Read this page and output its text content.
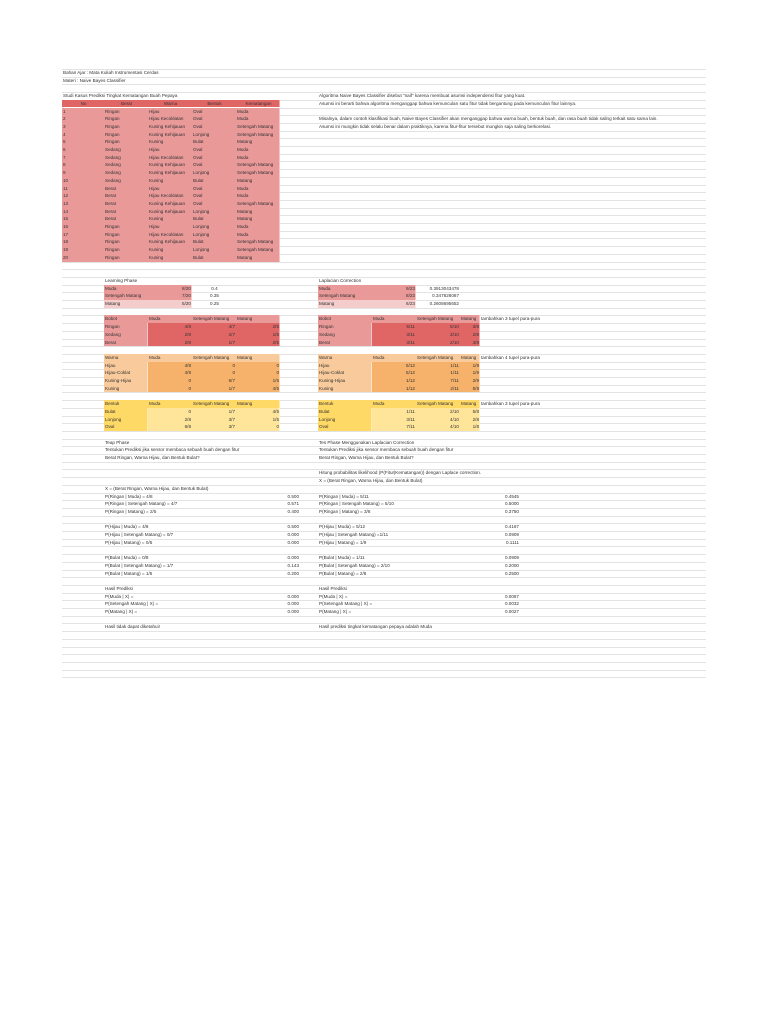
Bahan Ajar : Mata Kuliah Instrumentasi Cerdas
Materi : Naive Bayes Classifier
Studi Kasus Prediksi Tingkat Kematangan Buah Pepaya
No	Berat	Warna	Bentuk	Kematangan
1	Ringan	Hijau	Oval	Muda
2	Ringan	Hijau Kecoklatan	Oval	Muda
3	Ringan	Kuning Kehijauan	Oval	Setengah Matang
4	Ringan	Kuning Kehijauan	Lonjong	Setengah Matang
5	Ringan	Kuning	Bulat	Matang
6	Sedang	Hijau	Oval	Muda
7	Sedang	Hijau Kecoklatan	Oval	Muda
8	Sedang	Kuning Kehijauan	Oval	Setengah Matang
9	Sedang	Kuning Kehijauan	Lonjong	Setengah Matang
10	Sedang	Kuning	Bulat	Matang
11	Berat	Hijau	Oval	Muda
12	Berat	Hijau Kecoklatan	Oval	Muda
13	Berat	Kuning Kehijauan	Oval	Setengah Matang
14	Berat	Kuning Kehijauan	Lonjong	Matang
15	Berat	Kuning	Bulat	Matang
16	Ringan	Hijau	Lonjong	Muda
17	Ringan	Hijau Kecoklatan	Lonjong	Muda
18	Ringan	Kuning Kehijauan	Bulat	Setengah Matang
19	Ringan	Kuning	Lonjong	Setengah Matang
20	Ringan	Kuning	Bulat	Matang
Algoritma Naive Bayes Classifier disebut "naif" karena membuat asumsi independensi fitur yang kuat.
Asumsi ini berarti bahwa algoritma menganggap bahwa kemunculan satu fitur tidak bergantung pada kemunculan fitur lainnya.
Misalnya, dalam contoh klasifikasi buah, Naive Bayes Classifier akan menganggap bahwa warna buah, bentuk buah, dan rasa buah tidak saling terkait satu sama lain.
Asumsi ini mungkin tidak selalu benar dalam praktiknya, karena fitur-fitur tersebut mungkin saja saling berkorelasi.
Learning Phase
Muda	8/20	0.4
Setengah Matang	7/20	0.35
Matang	5/20	0.25
Bobot	Muda	Setengah Matang	Matang
Ringan	4/8	4/7	2/5
Sedang	2/8	2/7	1/5
Berat	2/8	1/7	2/5
Warna	Muda	Setengah Matang	Matang
Hijau	4/8	0	0
Hijau-Coklat	4/8	0	0
Kuning-Hijau	0	6/7	1/5
Kuning	0	1/7	4/5
Bentuk	Muda	Setengah Matang	Matang
Bulat	0	1/7	4/5
Lonjong	2/8	3/7	1/5
Oval	6/8	3/7	0
Laplacian Correction
Muda	9/23	0.3913043478
Setengah Matang	8/23	0.347826087
Matang	6/23	0.2608695652
Bobot	Muda	Setengah Matang	Matang	tambahkan 3 tupel pura-pura
Ringan	5/11	5/10	3/8
Sedang	3/11	3/10	2/8
Berat	3/11	2/10	3/8
Warna	Muda	Setengah Matang	Matang	tambahkan 4 tupel pura-pura
Hijau	5/12	1/11	1/9
Hijau-Coklat	5/12	1/11	1/9
Kuning-Hijau	1/12	7/11	2/9
Kuning	1/12	2/11	5/9
Bentuk	Muda	Setengah Matang	Matang	tambahkan 3 tupel pura-pura
Bulat	1/11	2/10	5/8
Lonjong	3/11	4/10	2/8
Oval	7/11	4/10	1/8
Teap Phase
Tentukan Prediksi jika sensor membaca sebuah buah dengan fitur
Berat Ringan, Warna Hijau, dan Bentuk Bulat?
X = (Berat Ringan, Warna Hijau, dan Bentuk Bulat)
P(Ringan | Muda) = 4/8	0.500
P(Ringan | Setengah Matang) = 4/7	0.571
P(Ringan | Matang) = 2/5	0.400
P(Hijau | Muda) = 4/8	0.500
P(Hijau | Setengah Matang) = 0/7	0.000
P(Hijau | Matang) = 0/5	0.000
P(Bulat | Muda) = 0/8	0.000
P(Bulat | Setengah Matang) = 1/7	0.143
P(Bulat | Matang) = 1/5	0.200
Hasil Prediksi
P(Muda | X) =	0.000
P(Setengah Matang | X) =	0.000
P(Matang | X) =	0.000
Hasil tidak dapat diketahui!
Tes Phase Menggunakan Laplacian Correction
Tentukan Prediksi jika sensor membaca sebuah buah dengan fitur
Berat Ringan, Warna Hijau, dan Bentuk Bulat?
Hitung probabilitas likelihood (P(Fitur|Kematangan)) dengan Laplace correction.
X = (Berat Ringan, Warna Hijau, dan Bentuk Bulat)
P(Ringan | Muda) = 5/11	0.4545
P(Ringan | Setengah Matang) = 5/10	0.5000
P(Ringan | Matang) = 3/8	0.3750
P(Hijau | Muda) = 5/12	0.4167
P(Hijau | Setengah Matang) =1/11	0.0909
P(Hijau | Matang) = 1/9	0.1111
P(Bulat | Muda) = 1/11	0.0909
P(Bulat | Setengah Matang) = 2/10	0.2000
P(Bulat | Matang) = 2/8	0.2500
Hasil Prediksi
P(Muda | X) =	0.0067
P(Setengah Matang | X) =	0.0032
P(Matang | X) =	0.0027
Hasil prediksi tingkat kematangan pepaya adalah Muda
